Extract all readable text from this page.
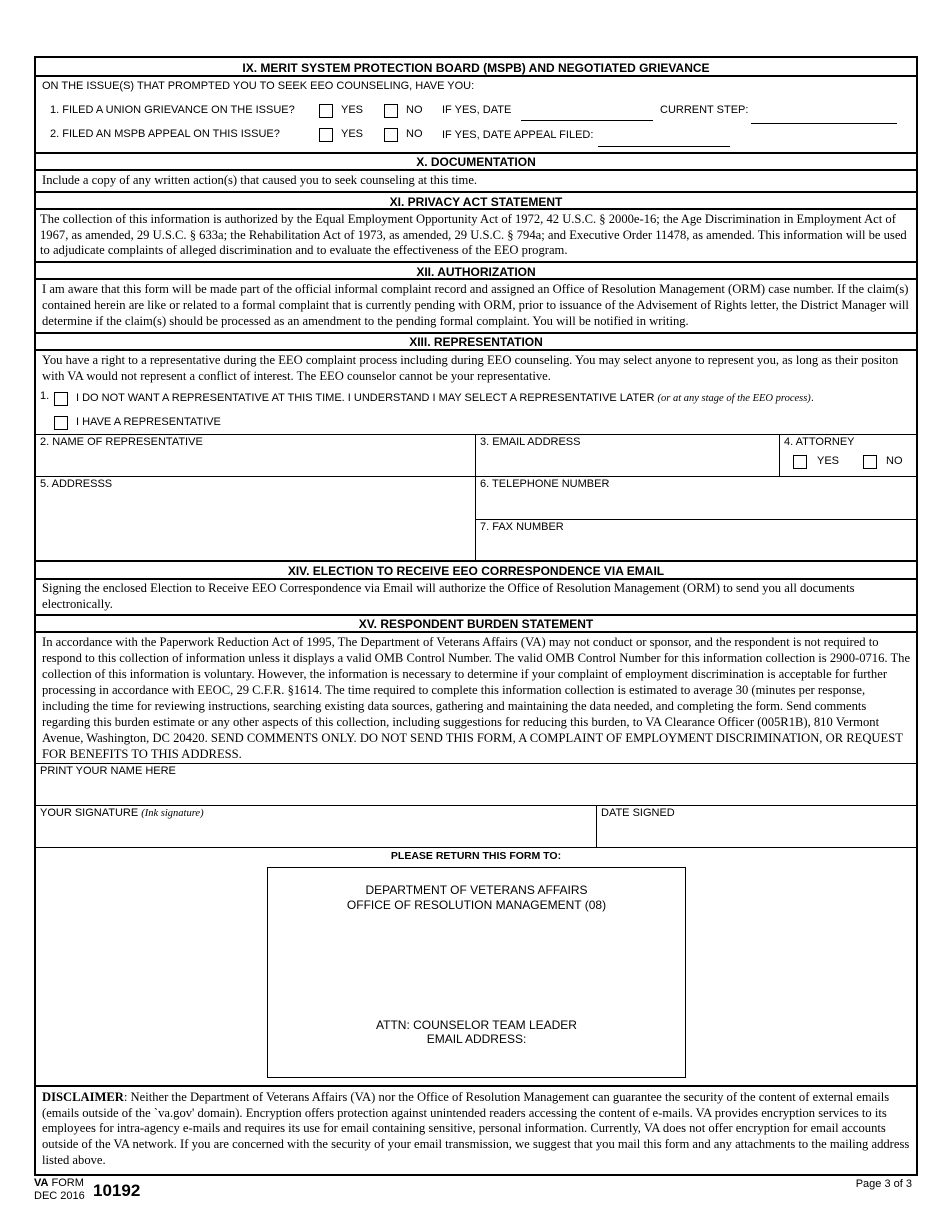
IX. MERIT SYSTEM PROTECTION BOARD (MSPB) AND NEGOTIATED GRIEVANCE
ON THE ISSUE(S) THAT PROMPTED YOU TO SEEK EEO COUNSELING, HAVE YOU:
1. FILED A UNION GRIEVANCE ON THE ISSUE?	YES	NO IF YES, DATE	CURRENT STEP:
2. FILED AN MSPB APPEAL ON THIS ISSUE?	YES	NO IF YES, DATE APPEAL FILED:
X. DOCUMENTATION
Include a copy of any written action(s) that caused you to seek counseling at this time.
XI. PRIVACY ACT STATEMENT
The collection of this information is authorized by the Equal Employment Opportunity Act of 1972, 42 U.S.C. § 2000e-16; the Age Discrimination in Employment Act of 1967, as amended, 29 U.S.C. § 633a; the Rehabilitation Act of 1973, as amended, 29 U.S.C. § 794a; and Executive Order 11478, as amended. This information will be used to adjudicate complaints of alleged discrimination and to evaluate the effectiveness of the EEO program.
XII. AUTHORIZATION
I am aware that this form will be made part of the official informal complaint record and assigned an Office of Resolution Management (ORM) case number. If the claim(s) contained herein are like or related to a formal complaint that is currently pending with ORM, prior to issuance of the Advisement of Rights letter, the District Manager will determine if the claim(s) should be processed as an amendment to the pending formal complaint. You will be notified in writing.
XIII. REPRESENTATION
You have a right to a representative during the EEO complaint process including during EEO counseling. You may select anyone to represent you, as long as their positon with VA would not represent a conflict of interest. The EEO counselor cannot be your representative.
1. I DO NOT WANT A REPRESENTATIVE AT THIS TIME. I UNDERSTAND I MAY SELECT A REPRESENTATIVE LATER (or at any stage of the EEO process).
I HAVE A REPRESENTATIVE
2. NAME OF REPRESENTATIVE	3. EMAIL ADDRESS	4. ATTORNEY
YES	NO
5. ADDRESSS	6. TELEPHONE NUMBER
7. FAX NUMBER
XIV. ELECTION TO RECEIVE EEO CORRESPONDENCE VIA EMAIL
Signing the enclosed Election to Receive EEO Correspondence via Email will authorize the Office of Resolution Management (ORM) to send you all documents electronically.
XV. RESPONDENT BURDEN STATEMENT
In accordance with the Paperwork Reduction Act of 1995, The Department of Veterans Affairs (VA) may not conduct or sponsor, and the respondent is not required to respond to this collection of information unless it displays a valid OMB Control Number. The valid OMB Control Number for this information collection is 2900-0716. The collection of this information is voluntary. However, the information is necessary to determine if your complaint of employment discrimination is acceptable for further processing in accordance with EEOC, 29 C.F.R. §1614. The time required to complete this information collection is estimated to average 30 (minutes per response, including the time for reviewing instructions, searching existing data sources, gathering and maintaining the data needed, and completing the form. Send comments regarding this burden estimate or any other aspects of this collection, including suggestions for reducing this burden, to VA Clearance Officer (005R1B), 810 Vermont Avenue, Washington, DC 20420. SEND COMMENTS ONLY. DO NOT SEND THIS FORM, A COMPLAINT OF EMPLOYMENT DISCRIMINATION, OR REQUEST FOR BENEFITS TO THIS ADDRESS.
PRINT YOUR NAME HERE
YOUR SIGNATURE (Ink signature)	DATE SIGNED
PLEASE RETURN THIS FORM TO:
DEPARTMENT OF VETERANS AFFAIRS
OFFICE OF RESOLUTION MANAGEMENT (08)
ATTN: COUNSELOR TEAM LEADER
EMAIL ADDRESS:
DISCLAIMER: Neither the Department of Veterans Affairs (VA) nor the Office of Resolution Management can guarantee the security of the content of external emails (emails outside of the `va.gov' domain). Encryption offers protection against unintended readers accessing the content of e-mails. VA provides encryption services to its employees for intra-agency e-mails and requires its use for email containing sensitive, personal information. Currently, VA does not offer encryption for email accounts outside of the VA network. If you are concerned with the security of your email transmission, we suggest that you mail this form and any attachments to the mailing address listed above.
VA FORM
DEC 2016 10192	Page 3 of 3
